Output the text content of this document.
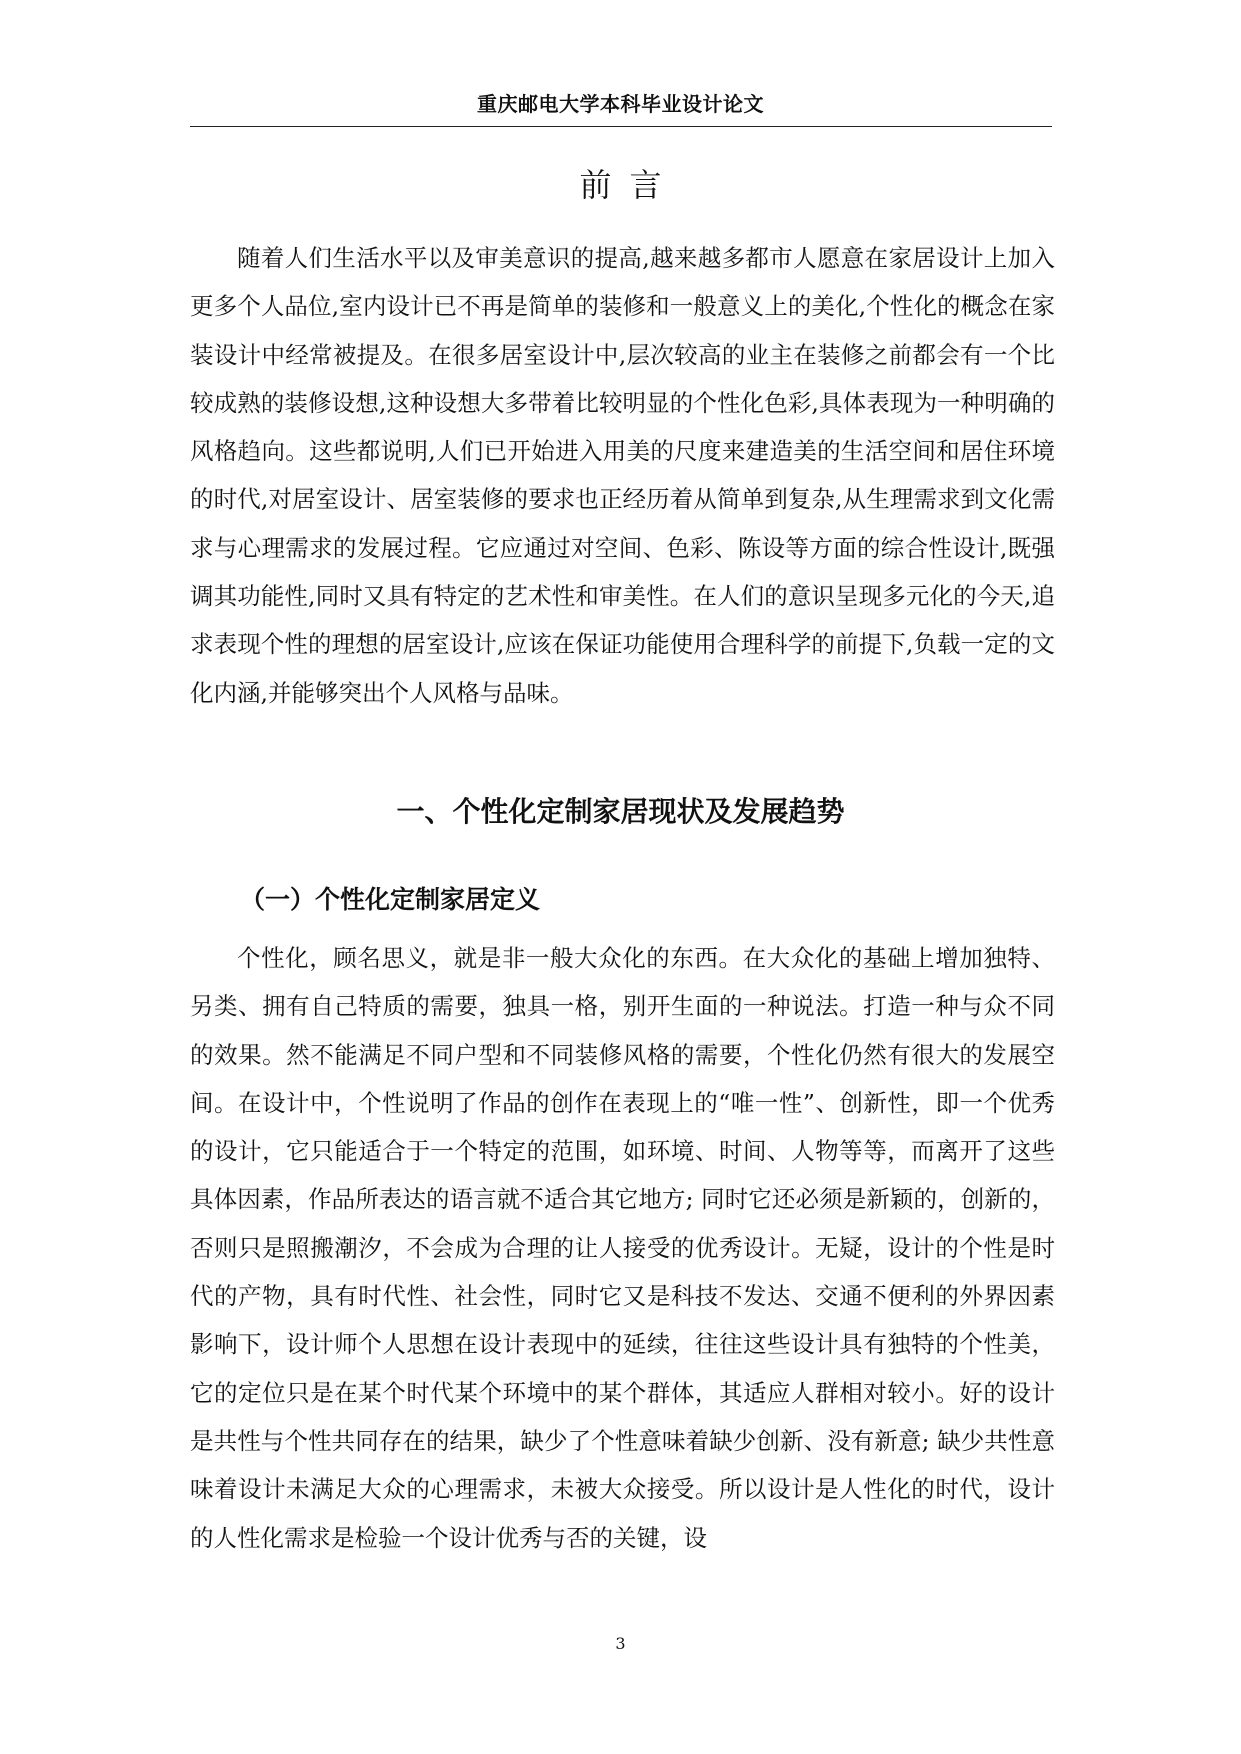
重庆邮电大学本科毕业设计论文
前言
随着人们生活水平以及审美意识的提高,越来越多都市人愿意在家居设计上加入更多个人品位,室内设计已不再是简单的装修和一般意义上的美化,个性化的概念在家装设计中经常被提及。在很多居室设计中,层次较高的业主在装修之前都会有一个比较成熟的装修设想,这种设想大多带着比较明显的个性化色彩,具体表现为一种明确的风格趋向。这些都说明,人们已开始进入用美的尺度来建造美的生活空间和居住环境的时代,对居室设计、居室装修的要求也正经历着从简单到复杂,从生理需求到文化需求与心理需求的发展过程。它应通过对空间、色彩、陈设等方面的综合性设计,既强调其功能性,同时又具有特定的艺术性和审美性。在人们的意识呈现多元化的今天,追求表现个性的理想的居室设计,应该在保证功能使用合理科学的前提下,负载一定的文化内涵,并能够突出个人风格与品味。
一、个性化定制家居现状及发展趋势
（一）个性化定制家居定义
个性化，顾名思义，就是非一般大众化的东西。在大众化的基础上增加独特、另类、拥有自己特质的需要，独具一格，别开生面的一种说法。打造一种与众不同的效果。然不能满足不同户型和不同装修风格的需要，个性化仍然有很大的发展空间。在设计中，个性说明了作品的创作在表现上的“唯一性”、创新性，即一个优秀的设计，它只能适合于一个特定的范围，如环境、时间、人物等等，而离开了这些具体因素，作品所表达的语言就不适合其它地方; 同时它还必须是新颖的，创新的，否则只是照搬潮汐，不会成为合理的让人接受的优秀设计。无疑，设计的个性是时代的产物，具有时代性、社会性，同时它又是科技不发达、交通不便利的外界因素影响下，设计师个人思想在设计表现中的延续，往往这些设计具有独特的个性美，它的定位只是在某个时代某个环境中的某个群体，其适应人群相对较小。好的设计是共性与个性共同存在的结果，缺少了个性意味着缺少创新、没有新意; 缺少共性意味着设计未满足大众的心理需求，未被大众接受。所以设计是人性化的时代，设计的人性化需求是检验一个设计优秀与否的关键，设
3
